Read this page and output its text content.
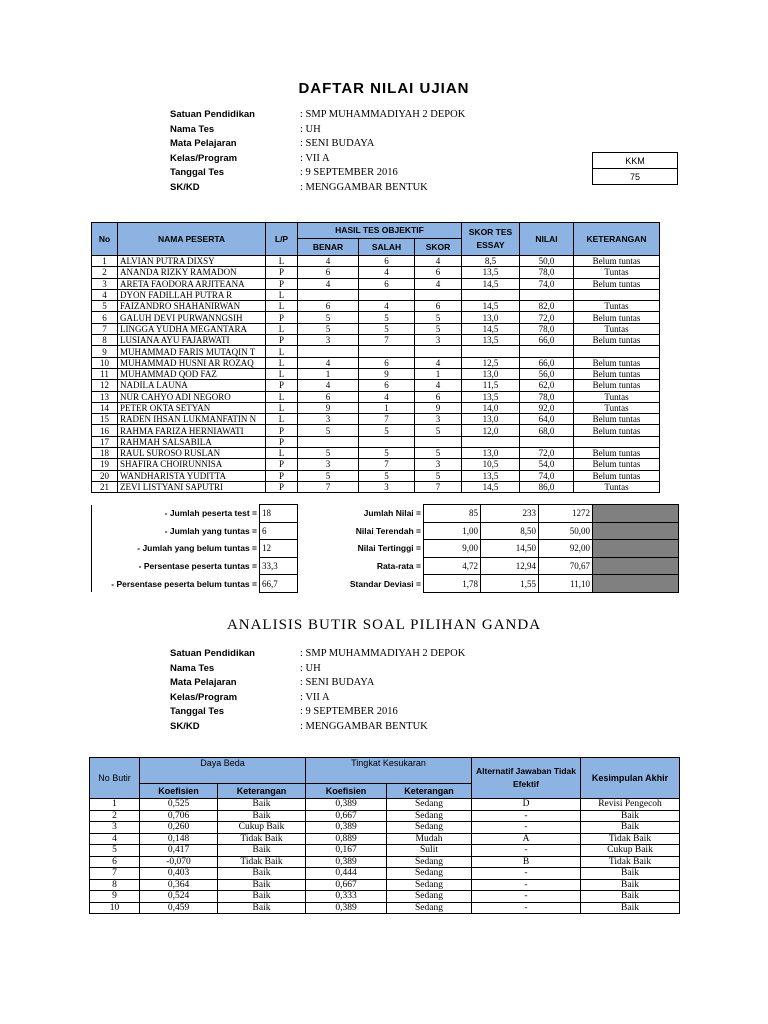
DAFTAR NILAI UJIAN
Satuan Pendidikan	: SMP MUHAMMADIYAH 2 DEPOK
Nama Tes	: UH
Mata Pelajaran	: SENI BUDAYA
Kelas/Program	: VII A
Tanggal Tes	: 9 SEPTEMBER 2016
SK/KD	: MENGGAMBAR BENTUK
KKM
75
No	NAMA PESERTA	L/P	HASIL TES OBJEKTIF			SKOR TES ESSAY	NILAI	KETERANGAN
			BENAR	SALAH	SKOR			
1	ALVIAN PUTRA DIXSY	L	4	6	4	8,5	50,0	Belum tuntas
2	ANANDA RIZKY RAMADON	P	6	4	6	13,5	78,0	Tuntas
3	ARETA FAODORA ARJITEANA	P	4	6	4	14,5	74,0	Belum tuntas
4	DYON FADILLAH PUTRA R	L						
5	FAIZANDRO SHAHANIRWAN	L	6	4	6	14,5	82,0	Tuntas
6	GALUH DEVI PURWANNGSIH	P	5	5	5	13,0	72,0	Belum tuntas
7	LINGGA YUDHA MEGANTARA	L	5	5	5	14,5	78,0	Tuntas
8	LUSIANA AYU FAJARWATI	P	3	7	3	13,5	66,0	Belum tuntas
9	MUHAMMAD FARIS MUTAQIN T	L						
10	MUHAMMAD HUSNI AR ROZAQ	L	4	6	4	12,5	66,0	Belum tuntas
11	MUHAMMAD QOD FAZ	L	1	9	1	13,0	56,0	Belum tuntas
12	NADILA LAUNA	P	4	6	4	11,5	62,0	Belum tuntas
13	NUR CAHYO ADI NEGORO	L	6	4	6	13,5	78,0	Tuntas
14	PETER OKTA SETYAN	L	9	1	9	14,0	92,0	Tuntas
15	RADEN IHSAN LUKMANFATIN N	L	3	7	3	13,0	64,0	Belum tuntas
16	RAHMA FARIZA HERNIAWATI	P	5	5	5	12,0	68,0	Belum tuntas
17	RAHMAH SALSABILA	P						
18	RAUL SUROSO RUSLAN	L	5	5	5	13,0	72,0	Belum tuntas
19	SHAFIRA CHOIRUNNISA	P	3	7	3	10,5	54,0	Belum tuntas
20	WANDHARISTA YUDITTA	P	5	5	5	13,5	74,0	Belum tuntas
21	ZEVI LISTYANI SAPUTRI	P	7	3	7	14,5	86,0	Tuntas
- Jumlah peserta test =	18	Jumlah Nilai =	85	233	1272	
- Jumlah yang tuntas =	6	Nilai Terendah =	1,00	8,50	50,00	
- Jumlah yang belum tuntas =	12	Nilai Tertinggi =	9,00	14,50	92,00	
- Persentase peserta tuntas =	33,3	Rata-rata =	4,72	12,94	70,67	
- Persentase peserta belum tuntas =	66,7	Standar Deviasi =	1,78	1,55	11,10	
ANALISIS BUTIR SOAL PILIHAN GANDA
Satuan Pendidikan	: SMP MUHAMMADIYAH 2 DEPOK
Nama Tes	: UH
Mata Pelajaran	: SENI BUDAYA
Kelas/Program	: VII A
Tanggal Tes	: 9 SEPTEMBER 2016
SK/KD	: MENGGAMBAR BENTUK
No Butir	Daya Beda		Tingkat Kesukaran		Alternatif Jawaban Tidak Efektif	Kesimpulan Akhir
	Koefisien	Keterangan	Koefisien	Keterangan		
1	0,525	Baik	0,389	Sedang	D	Revisi Pengecoh
2	0,706	Baik	0,667	Sedang	-	Baik
3	0,260	Cukup Baik	0,389	Sedang	-	Baik
4	0,148	Tidak Baik	0,889	Mudah	A	Tidak Baik
5	0,417	Baik	0,167	Sulit	-	Cukup Baik
6	-0,070	Tidak Baik	0,389	Sedang	B	Tidak Baik
7	0,403	Baik	0,444	Sedang	-	Baik
8	0,364	Baik	0,667	Sedang	-	Baik
9	0,524	Baik	0,333	Sedang	-	Baik
10	0,459	Baik	0,389	Sedang	-	Baik
